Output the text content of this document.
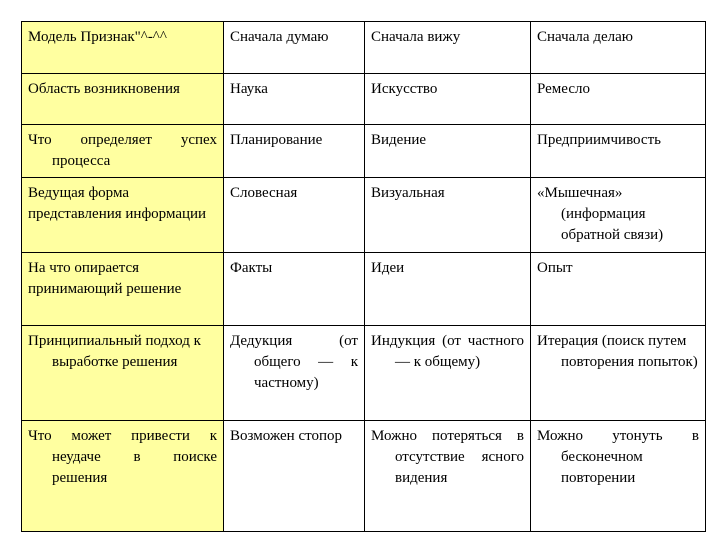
Модель Признак"^-^^	Сначала думаю	Сначала вижу	Сначала делаю

Область возникновения	Наука	Искусство	Ремесло

Что определяет успех процесса	Планирование	Видение	Предприимчивость

Ведущая форма представления информации	Словесная	Визуальная	«Мышечная» (информация обратной связи)

На что опирается принимающий решение	Факты	Идеи	Опыт

Принципиальный подход к выработке решения	Дедукция (от общего — к частному)	Индукция (от частного — к общему)	Итерация (поиск путем повторения попыток)

Что может привести к неудаче в поиске решения	Возможен стопор	Можно потеряться в отсутствие ясного видения	Можно утонуть в бесконечном повторении
